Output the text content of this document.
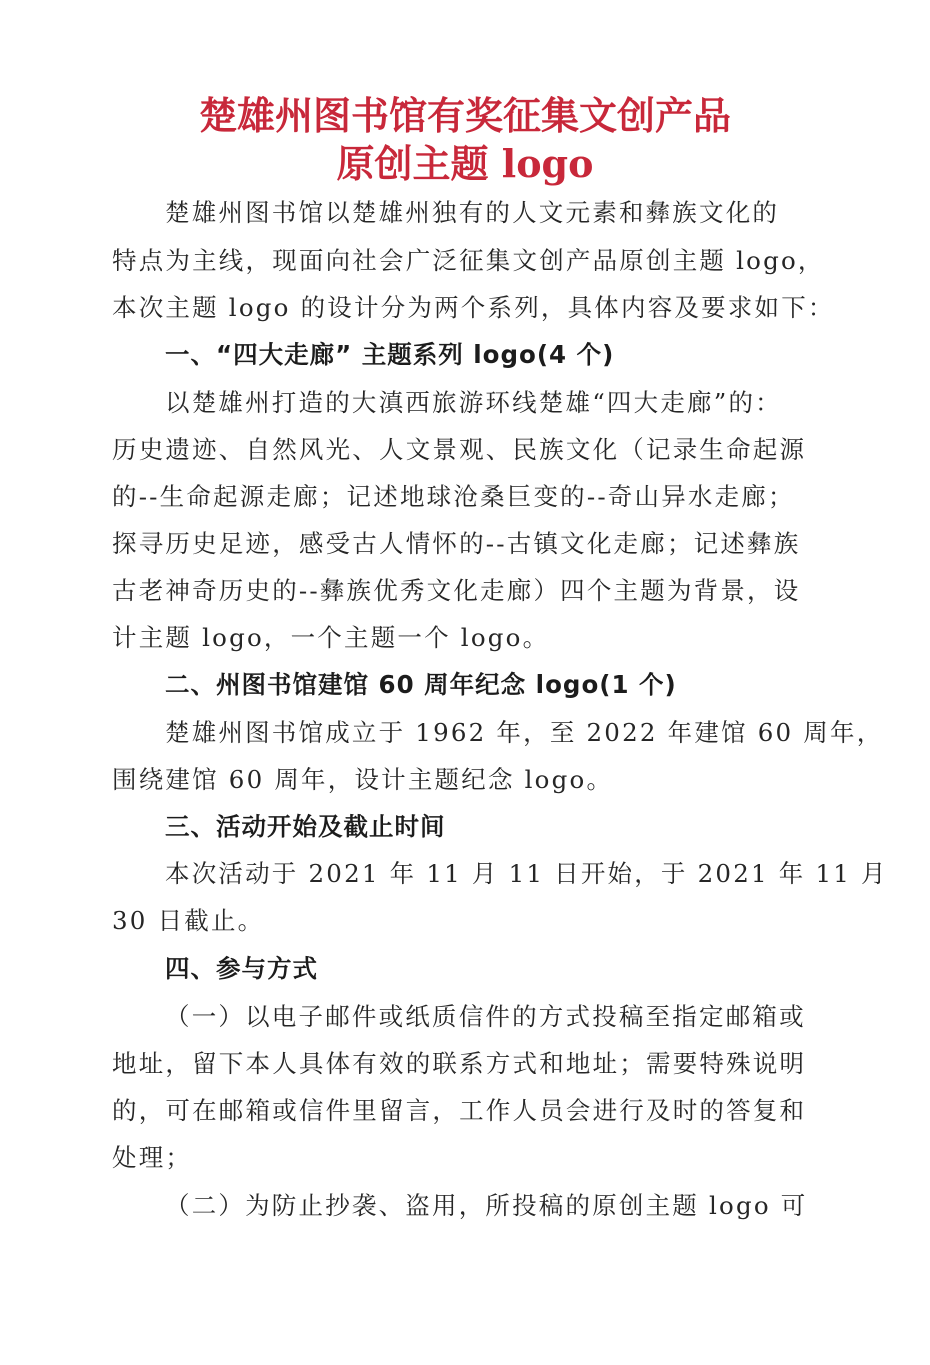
楚雄州图书馆有奖征集文创产品
原创主题 logo
楚雄州图书馆以楚雄州独有的人文元素和彝族文化的
特点为主线，现面向社会广泛征集文创产品原创主题 logo，
本次主题 logo 的设计分为两个系列，具体内容及要求如下：
一、“四大走廊” 主题系列 logo(4 个)
以楚雄州打造的大滇西旅游环线楚雄“四大走廊”的：
历史遗迹、自然风光、人文景观、民族文化（记录生命起源
的--生命起源走廊；记述地球沧桑巨变的--奇山异水走廊；
探寻历史足迹，感受古人情怀的--古镇文化走廊；记述彝族
古老神奇历史的--彝族优秀文化走廊）四个主题为背景，设
计主题 logo，一个主题一个 logo。
二、州图书馆建馆 60 周年纪念 logo(1 个)
楚雄州图书馆成立于 1962 年，至 2022 年建馆 60 周年，
围绕建馆 60 周年，设计主题纪念 logo。
三、活动开始及截止时间
本次活动于 2021 年 11 月 11 日开始，于 2021 年 11 月
30 日截止。
四、参与方式
（一）以电子邮件或纸质信件的方式投稿至指定邮箱或
地址，留下本人具体有效的联系方式和地址；需要特殊说明
的，可在邮箱或信件里留言，工作人员会进行及时的答复和
处理；
（二）为防止抄袭、盗用，所投稿的原创主题 logo 可
